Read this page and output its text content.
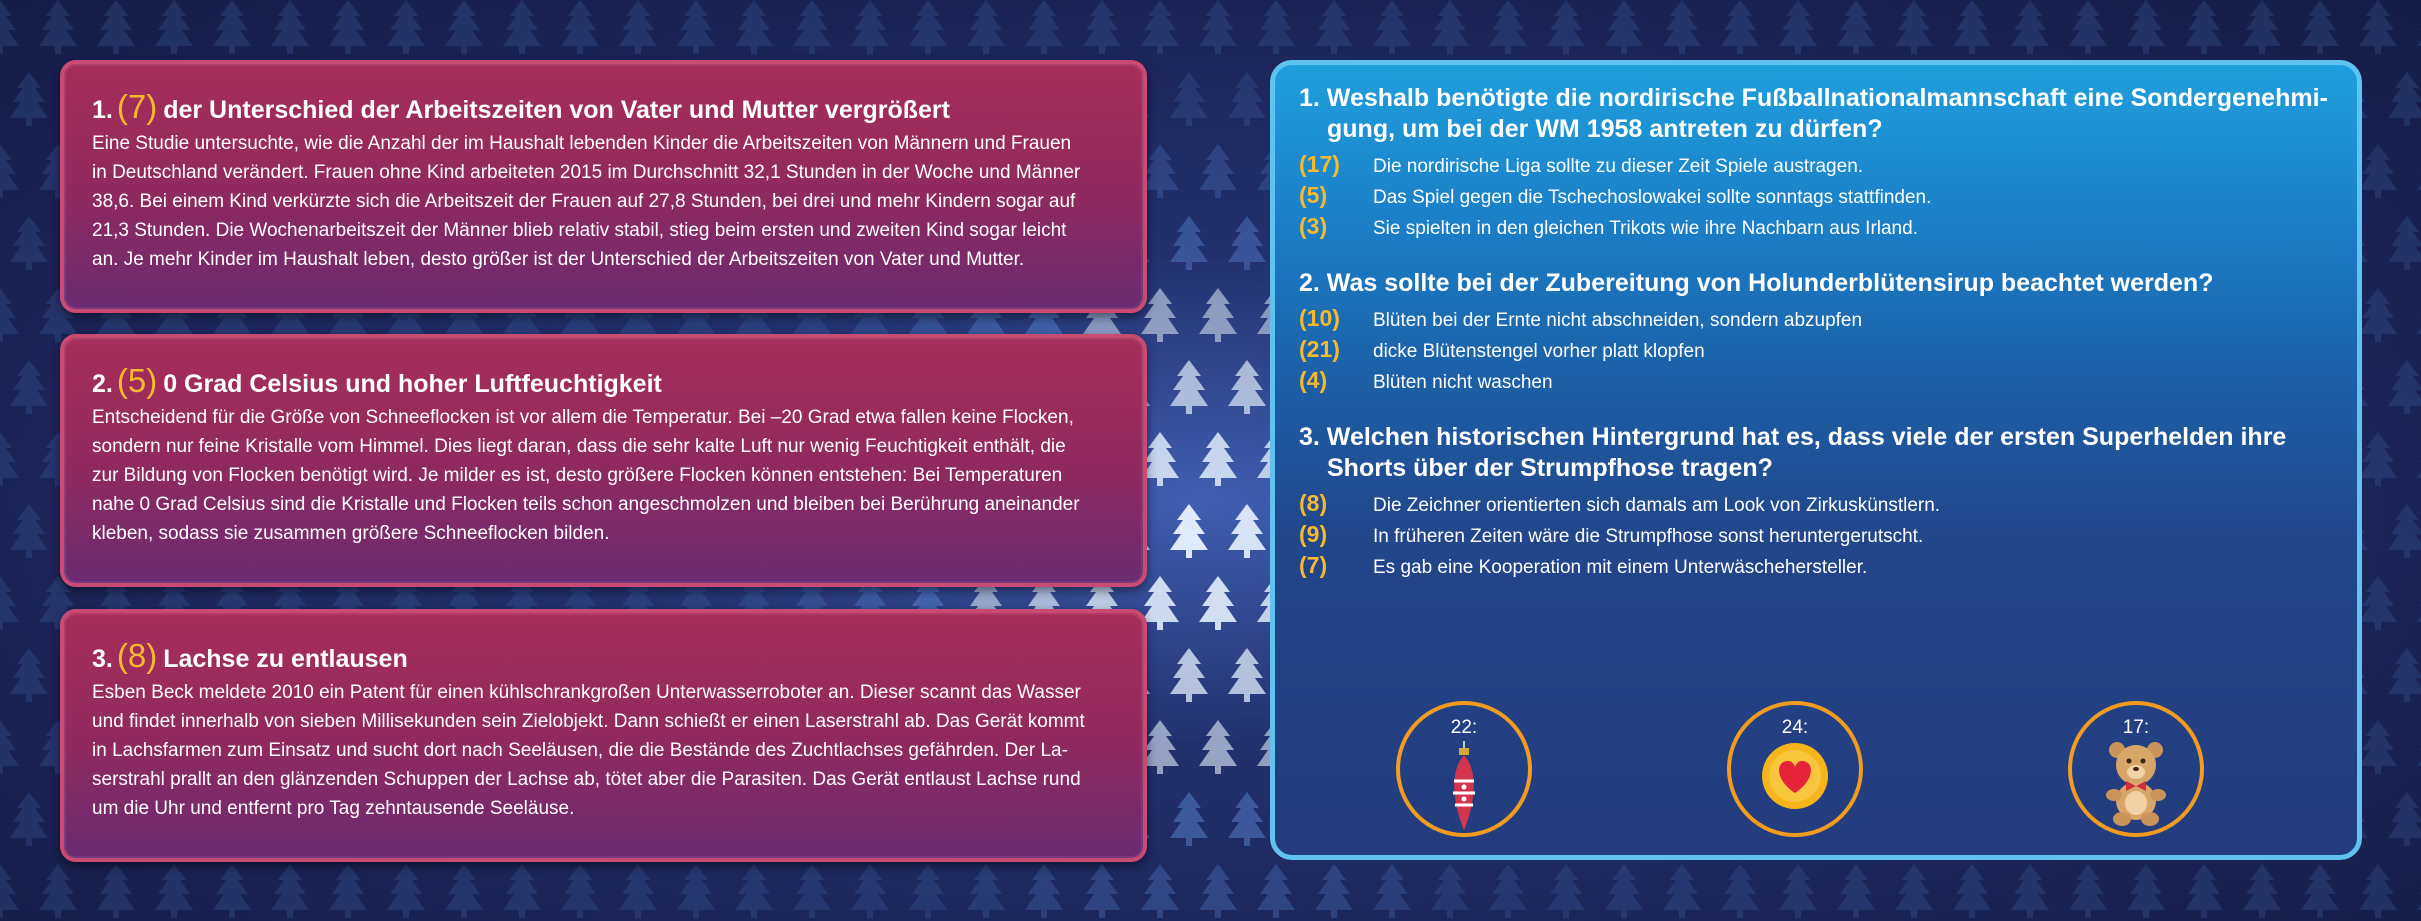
1. (7) der Unterschied der Arbeitszeiten von Vater und Mutter vergrößert

Eine Studie untersuchte, wie die Anzahl der im Haushalt lebenden Kinder die Arbeitszeiten von Männern und Frauen
in Deutschland verändert. Frauen ohne Kind arbeiteten 2015 im Durchschnitt 32,1 Stunden in der Woche und Männer
38,6. Bei einem Kind verkürzte sich die Arbeitszeit der Frauen auf 27,8 Stunden, bei drei und mehr Kindern sogar auf
21,3 Stunden. Die Wochenarbeitszeit der Männer blieb relativ stabil, stieg beim ersten und zweiten Kind sogar leicht
an. Je mehr Kinder im Haushalt leben, desto größer ist der Unterschied der Arbeitszeiten von Vater und Mutter.

2. (5) 0 Grad Celsius und hoher Luftfeuchtigkeit

Entscheidend für die Größe von Schneeflocken ist vor allem die Temperatur. Bei –20 Grad etwa fallen keine Flocken,
sondern nur feine Kristalle vom Himmel. Dies liegt daran, dass die sehr kalte Luft nur wenig Feuchtigkeit enthält, die
zur Bildung von Flocken benötigt wird. Je milder es ist, desto größere Flocken können entstehen: Bei Temperaturen
nahe 0 Grad Celsius sind die Kristalle und Flocken teils schon angeschmolzen und bleiben bei Berührung aneinander
kleben, sodass sie zusammen größere Schneeflocken bilden.

3. (8) Lachse zu entlausen

Esben Beck meldete 2010 ein Patent für einen kühlschrankgroßen Unterwasserroboter an. Dieser scannt das Wasser
und findet innerhalb von sieben Millisekunden sein Zielobjekt. Dann schießt er einen Laserstrahl ab. Das Gerät kommt
in Lachsfarmen zum Einsatz und sucht dort nach Seeläusen, die die Bestände des Zuchtlachses gefährden. Der La-
serstrahl prallt an den glänzenden Schuppen der Lachse ab, tötet aber die Parasiten. Das Gerät entlaust Lachse rund
um die Uhr und entfernt pro Tag zehntausende Seeläuse.

1. Weshalb benötigte die nordirische Fußballnationalmannschaft eine Sondergenehmi-
gung, um bei der WM 1958 antreten zu dürfen?

(17)	Die nordirische Liga sollte zu dieser Zeit Spiele austragen.
(5)	Das Spiel gegen die Tschechoslowakei sollte sonntags stattfinden.
(3)	Sie spielten in den gleichen Trikots wie ihre Nachbarn aus Irland.

2. Was sollte bei der Zubereitung von Holunderblütensirup beachtet werden?

(10)	Blüten bei der Ernte nicht abschneiden, sondern abzupfen
(21)	dicke Blütenstengel vorher platt klopfen
(4)	Blüten nicht waschen

3. Welchen historischen Hintergrund hat es, dass viele der ersten Superhelden ihre
Shorts über der Strumpfhose tragen?

(8)	Die Zeichner orientierten sich damals am Look von Zirkuskünstlern.
(9)	In früheren Zeiten wäre die Strumpfhose sonst heruntergerutscht.
(7)	Es gab eine Kooperation mit einem Unterwäschehersteller.
22:	24:	17:
